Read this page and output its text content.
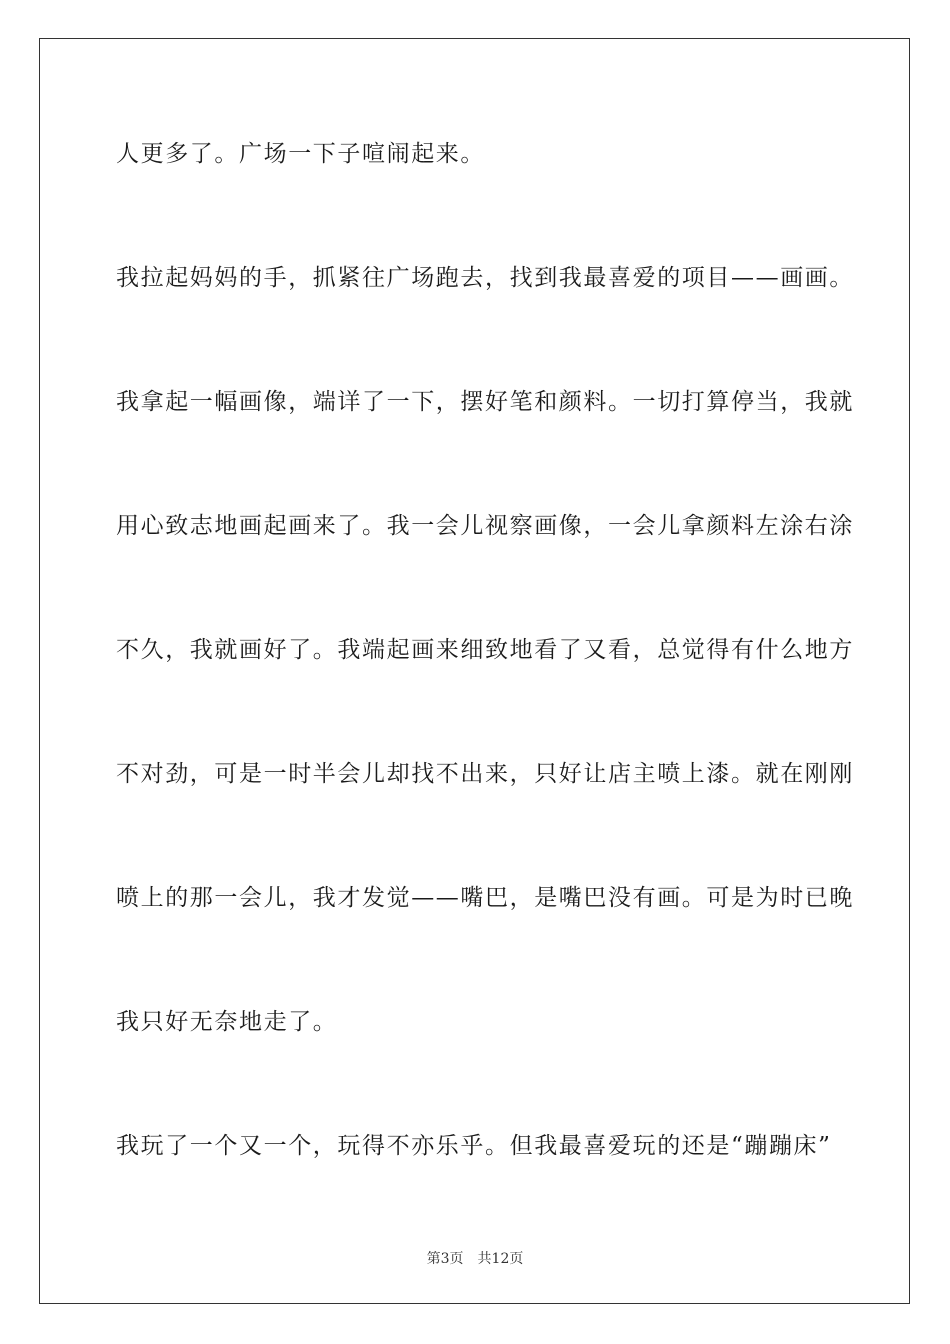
人更多了。广场一下子喧闹起来。
我拉起妈妈的手，抓紧往广场跑去，找到我最喜爱的项目——画画。
我拿起一幅画像，端详了一下，摆好笔和颜料。一切打算停当，我就
用心致志地画起画来了。我一会儿视察画像，一会儿拿颜料左涂右涂
不久，我就画好了。我端起画来细致地看了又看，总觉得有什么地方
不对劲，可是一时半会儿却找不出来，只好让店主喷上漆。就在刚刚
喷上的那一会儿，我才发觉——嘴巴，是嘴巴没有画。可是为时已晚
我只好无奈地走了。
我玩了一个又一个，玩得不亦乐乎。但我最喜爱玩的还是“蹦蹦床”
第3页 共12页
